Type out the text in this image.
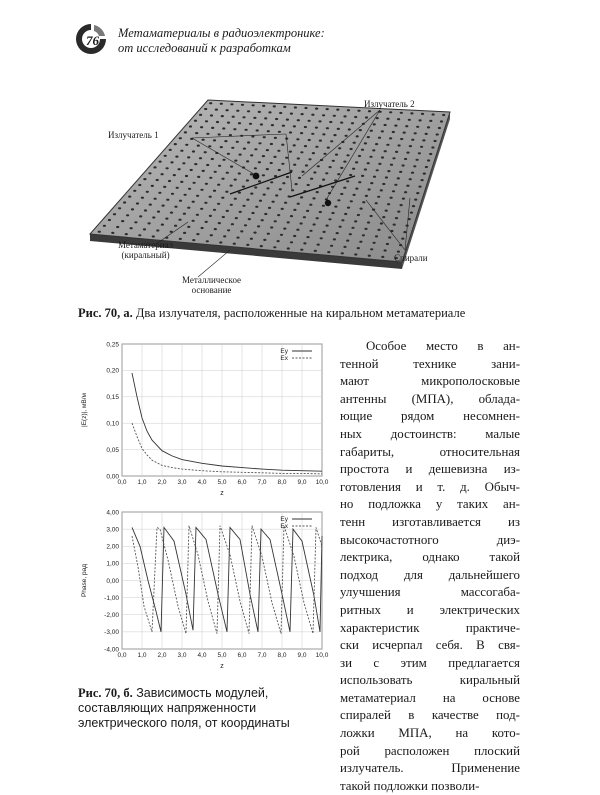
76 Метаматериалы в радиоэлектронике:
от исследований к разработкам
Излучатель 1
Излучатель 2
Метаматериал
(киральный)	Спирали
Металлическое
основание
Рис. 70, а. Два излучателя, расположенные на киральном метаматериале
0,0 1,0 2,0 3,0 4,0 5,0 6,0 7,0 8,0 9,0 10,0
0,00
0,05
0,10
0,15
0,20
0,25
z
|E(z)|, мВ/м
Ey
Ex
0,0 1,0 2,0 3,0 4,0 5,0 6,0 7,0 8,0 9,0 10,0
-4,00
-3,00
-2,00
-1,00
0,00
1,00
2,00
3,00
4,00
z
Phase, рад
Ey
Ex
Рис. 70, б. Зависимость модулей, составляющих напряженности электрического поля, от координаты
Особое место в ан-
тенной	технике	зани-
мают	микрополосковые
антенны (МПА), облада-
ющие рядом несомнен-
ных достоинств: малые
габариты,	относительная
простота и дешевизна из-
готовления и т. д. Обыч-
но подложка у таких ан-
тенн изготавливается из
высокочастотного	диэ-
лектрика, однако такой
подход для дальнейшего
улучшения	массогаба-
ритных и электрических
характеристик	практиче-
ски исчерпал себя. В свя-
зи с этим предлагается
использовать	киральный
метаматериал на основе
спиралей в качестве под-
ложки МПА, на кото-
рой расположен плоский
излучатель.	Применение
такой подложки позволи-
